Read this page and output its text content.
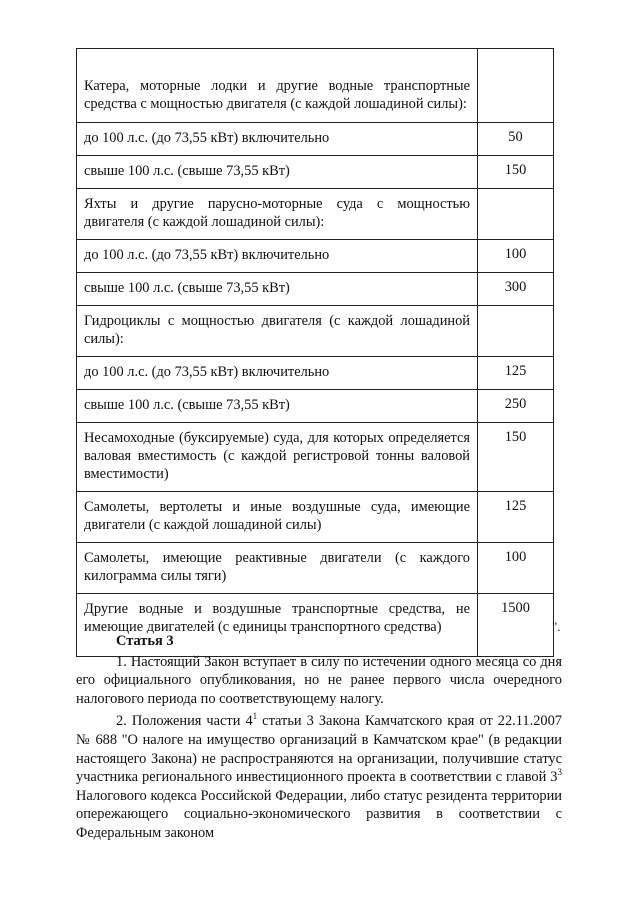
Катера, моторные лодки и другие водные транспортные средства с мощностью двигателя (с каждой лошадиной силы):	
до 100 л.с. (до 73,55 кВт) включительно	50
свыше 100 л.с. (свыше 73,55 кВт)	150
Яхты и другие парусно-моторные суда с мощностью двигателя (с каждой лошадиной силы):	
до 100 л.с. (до 73,55 кВт) включительно	100
свыше 100 л.с. (свыше 73,55 кВт)	300
Гидроциклы с мощностью двигателя (с каждой лошадиной силы):	
до 100 л.с. (до 73,55 кВт) включительно	125
свыше 100 л.с. (свыше 73,55 кВт)	250
Несамоходные (буксируемые) суда, для которых определяется валовая вместимость (с каждой регистровой тонны валовой вместимости)	150
Самолеты, вертолеты и иные воздушные суда, имеющие двигатели (с каждой лошадиной силы)	125
Самолеты, имеющие реактивные двигатели (с каждого килограмма силы тяги)	100
Другие водные и воздушные транспортные средства, не имеющие двигателей (с единицы транспортного средства)	1500
".
Статья 3

1. Настоящий Закон вступает в силу по истечении одного месяца со дня его официального опубликования, но не ранее первого числа очередного налогового периода по соответствующему налогу.

2. Положения части $4^1$ статьи 3 Закона Камчатского края от 22.11.2007 № 688 "О налоге на имущество организаций в Камчатском крае" (в редакции настоящего Закона) не распространяются на организации, получившие статус участника регионального инвестиционного проекта в соответствии с главой $3^3$ Налогового кодекса Российской Федерации, либо статус резидента территории опережающего социально-экономического развития в соответствии с Федеральным законом
